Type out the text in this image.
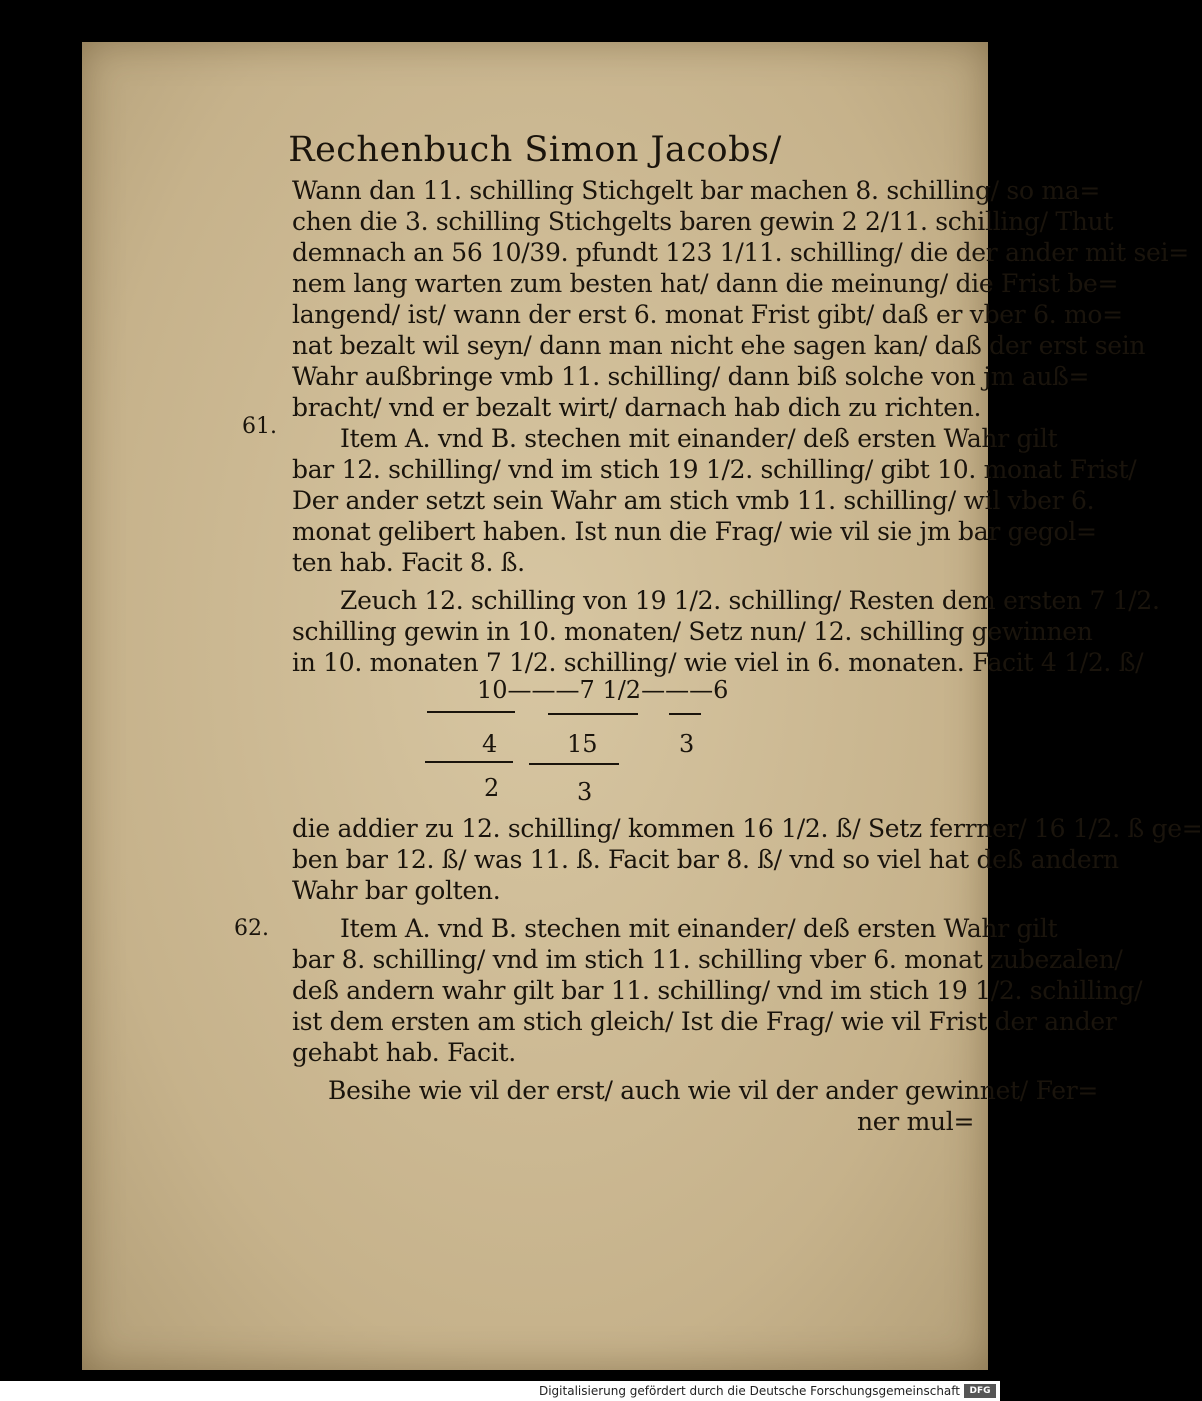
Rechenbuch Simon Jacobs/
61.
62.
Wann dan 11. schilling Stichgelt bar machen 8. schilling/ so ma=
chen die 3. schilling Stichgelts baren gewin 2 2/11. schilling/ Thut
demnach an 56 10/39. pfundt 123 1/11. schilling/ die der ander mit sei=
nem lang warten zum besten hat/ dann die meinung/ die Frist be=
langend/ ist/ wann der erst 6. monat Frist gibt/ daß er vber 6. mo=
nat bezalt wil seyn/ dann man nicht ehe sagen kan/ daß der erst sein
Wahr außbringe vmb 11. schilling/ dann biß solche von jm auß=
bracht/ vnd er bezalt wirt/ darnach hab dich zu richten.
Item A. vnd B. stechen mit einander/ deß ersten Wahr gilt
bar 12. schilling/ vnd im stich 19 1/2. schilling/ gibt 10. monat Frist/
Der ander setzt sein Wahr am stich vmb 11. schilling/ wil vber 6.
monat gelibert haben. Ist nun die Frag/ wie vil sie jm bar gegol=
ten hab. Facit 8. ß.
Zeuch 12. schilling von 19 1/2. schilling/ Resten dem ersten 7 1/2.
schilling gewin in 10. monaten/ Setz nun/ 12. schilling gewinnen
in 10. monaten 7 1/2. schilling/ wie viel in 6. monaten. Facit 4 1/2. ß/
die addier zu 12. schilling/ kommen 16 1/2. ß/ Setz ferrner/ 16 1/2. ß ge=
ben bar 12. ß/ was 11. ß. Facit bar 8. ß/ vnd so viel hat deß andern
Wahr bar golten.
Item A. vnd B. stechen mit einander/ deß ersten Wahr gilt
bar 8. schilling/ vnd im stich 11. schilling vber 6. monat zubezalen/
deß andern wahr gilt bar 11. schilling/ vnd im stich 19 1/2. schilling/
ist dem ersten am stich gleich/ Ist die Frag/ wie vil Frist der ander
gehabt hab. Facit.
Besihe wie vil der erst/ auch wie vil der ander gewinnet/ Fer=
ner mul=
10———7 1/2———6
4	15	3
2	3
Digitalisierung gefördert durch die Deutsche Forschungsgemeinschaft	DFG
